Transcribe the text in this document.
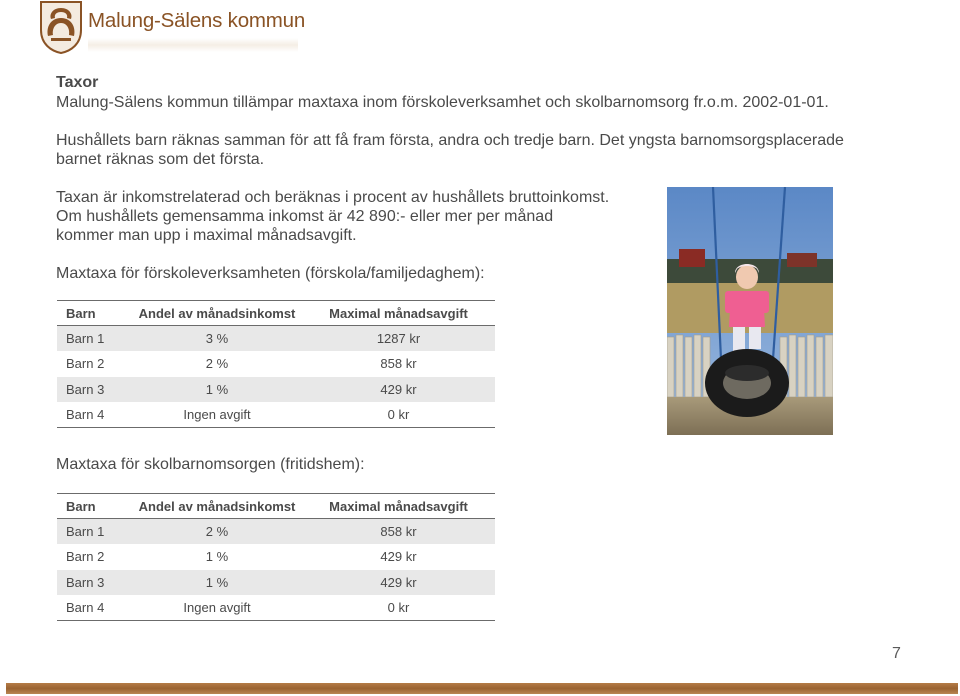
Malung-Sälens kommun
Taxor
Malung-Sälens kommun tillämpar maxtaxa inom förskoleverksamhet och skolbarnomsorg fr.o.m. 2002-01-01.
Hushållets barn räknas samman för att få fram första, andra och tredje barn. Det yngsta barnomsorgsplacerade
barnet räknas som det första.
Taxan är inkomstrelaterad och beräknas i procent av hushållets bruttoinkomst.
Om hushållets gemensamma inkomst är 42 890:- eller mer per månad
kommer man upp i maximal månadsavgift.
Maxtaxa för förskoleverksamheten (förskola/familjedaghem):
Barn	Andel av månadsinkomst	Maximal månadsavgift
Barn 1	3 %	1287 kr
Barn 2	2 %	858 kr
Barn 3	1 %	429 kr
Barn 4	Ingen avgift	0 kr
Maxtaxa för skolbarnomsorgen (fritidshem):
Barn	Andel av månadsinkomst	Maximal månadsavgift
Barn 1	2 %	858 kr
Barn 2	1 %	429 kr
Barn 3	1 %	429 kr
Barn 4	Ingen avgift	0 kr
7
